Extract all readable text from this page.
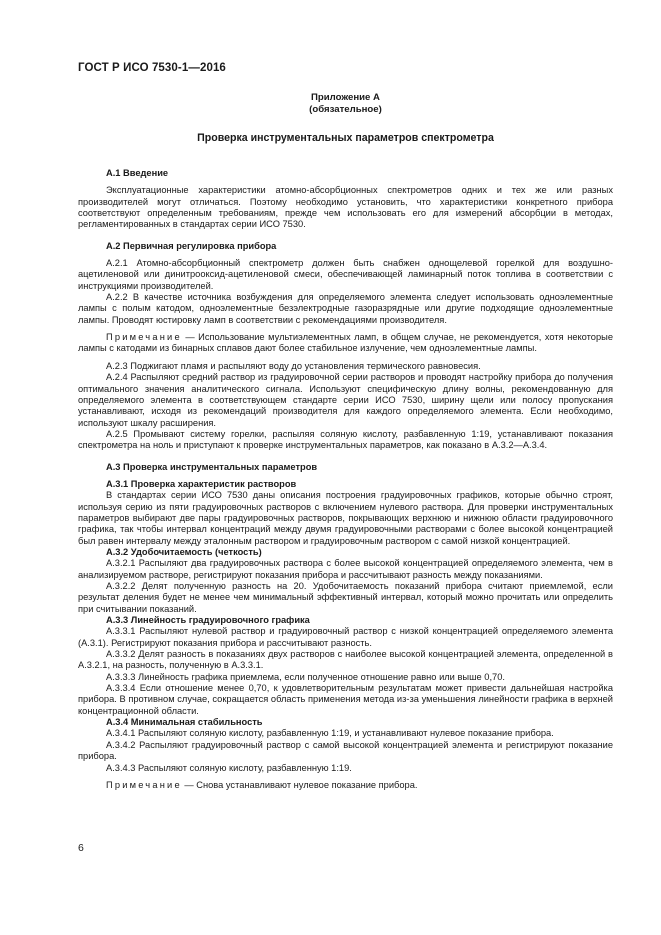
ГОСТ Р ИСО 7530-1—2016
Приложение А
(обязательное)
Проверка инструментальных параметров спектрометра
А.1 Введение

Эксплуатационные характеристики атомно-абсорбционных спектрометров одних и тех же или разных производителей могут отличаться. Поэтому необходимо установить, что характеристики конкретного прибора соответствуют определенным требованиям, прежде чем использовать его для измерений абсорбции в методах, регламентированных в стандартах серии ИСО 7530.

А.2 Первичная регулировка прибора

А.2.1 Атомно-абсорбционный спектрометр должен быть снабжен однощелевой горелкой для воздушно-ацетиленовой или динитрооксид-ацетиленовой смеси, обеспечивающей ламинарный поток топлива в соответствии с инструкциями производителей.

А.2.2 В качестве источника возбуждения для определяемого элемента следует использовать одноэлементные лампы с полым катодом, одноэлементные безэлектродные газоразрядные или другие подходящие одноэлементные лампы. Проводят юстировку ламп в соответствии с рекомендациями производителя.

Примечание — Использование мультиэлементных ламп, в общем случае, не рекомендуется, хотя некоторые лампы с катодами из бинарных сплавов дают более стабильное излучение, чем одноэлементные лампы.

А.2.3 Поджигают пламя и распыляют воду до установления термического равновесия.

А.2.4 Распыляют средний раствор из градуировочной серии растворов и проводят настройку прибора до получения оптимального значения аналитического сигнала. Используют специфическую длину волны, рекомендованную для определяемого элемента в соответствующем стандарте серии ИСО 7530, ширину щели или полосу пропускания устанавливают, исходя из рекомендаций производителя для каждого определяемого элемента. Если необходимо, используют шкалу расширения.

А.2.5 Промывают систему горелки, распыляя соляную кислоту, разбавленную 1:19, устанавливают показания спектрометра на ноль и приступают к проверке инструментальных параметров, как показано в А.3.2—А.3.4.

А.3 Проверка инструментальных параметров
А.3.1 Проверка характеристик растворов

В стандартах серии ИСО 7530 даны описания построения градуировочных графиков, которые обычно строят, используя серию из пяти градуировочных растворов с включением нулевого раствора. Для проверки инструментальных параметров выбирают две пары градуировочных растворов, покрывающих верхнюю и нижнюю области градуировочного графика, так чтобы интервал концентраций между двумя градуировочными растворами с более высокой концентрацией был равен интервалу между эталонным раствором и градуировочным раствором с самой низкой концентрацией.

А.3.2 Удобочитаемость (четкость)

А.3.2.1 Распыляют два градуировочных раствора с более высокой концентрацией определяемого элемента, чем в анализируемом растворе, регистрируют показания прибора и рассчитывают разность между показаниями.

А.3.2.2 Делят полученную разность на 20. Удобочитаемость показаний прибора считают приемлемой, если результат деления будет не менее чем минимальный эффективный интервал, который можно прочитать или определить при считывании показаний.

А.3.3 Линейность градуировочного графика

А.3.3.1 Распыляют нулевой раствор и градуировочный раствор с низкой концентрацией определяемого элемента (А.3.1). Регистрируют показания прибора и рассчитывают разность.

А.3.3.2 Делят разность в показаниях двух растворов с наиболее высокой концентрацией элемента, определенной в А.3.2.1, на разность, полученную в А.3.3.1.

А.3.3.3 Линейность графика приемлема, если полученное отношение равно или выше 0,70.

А.3.3.4 Если отношение менее 0,70, к удовлетворительным результатам может привести дальнейшая настройка прибора. В противном случае, сокращается область применения метода из-за уменьшения линейности графика в верхней концентрационной области.

А.3.4 Минимальная стабильность

А.3.4.1 Распыляют соляную кислоту, разбавленную 1:19, и устанавливают нулевое показание прибора.

А.3.4.2 Распыляют градуировочный раствор с самой высокой концентрацией элемента и регистрируют показание прибора.

А.3.4.3 Распыляют соляную кислоту, разбавленную 1:19.

Примечание — Снова устанавливают нулевое показание прибора.

6
